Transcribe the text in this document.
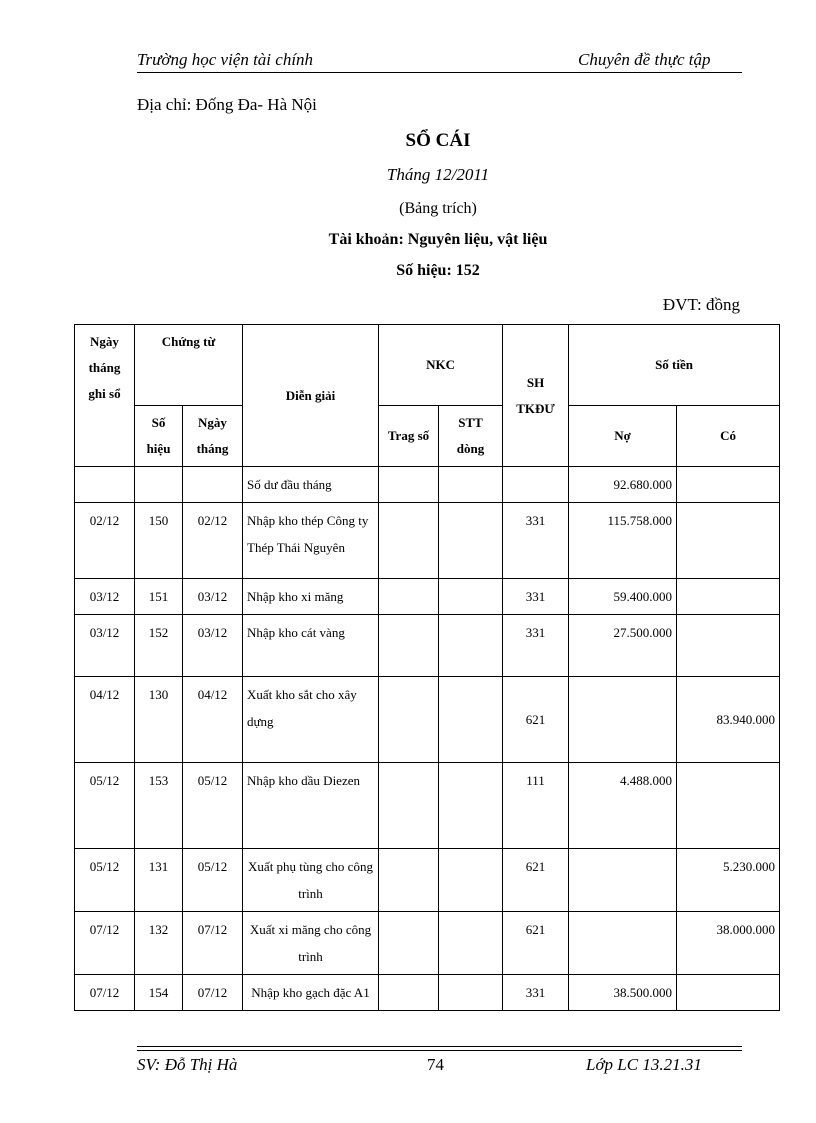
Trường học viện tài chính	Chuyên đề thực tập
Địa chỉ: Đống Đa- Hà Nội
SỔ CÁI
Tháng 12/2011
(Bảng trích)
Tài khoản: Nguyên liệu, vật liệu
Số hiệu: 152
ĐVT: đồng
Ngày tháng ghi sổ	Chứng từ		Diễn giải	NKC		SH TKĐƯ	Số tiền	
	Số hiệu	Ngày tháng		Trag số	STT dòng		Nợ	Có
			Số dư đầu tháng				92.680.000	
02/12	150	02/12	Nhập kho thép Công ty Thép Thái Nguyên			331	115.758.000	
03/12	151	03/12	Nhập kho xi măng			331	59.400.000	
03/12	152	03/12	Nhập kho cát vàng			331	27.500.000	
04/12	130	04/12	Xuất kho sắt cho xây dựng			621		83.940.000
05/12	153	05/12	Nhập kho dầu Diezen			111	4.488.000	
05/12	131	05/12	Xuất phụ tùng cho công trình			621		5.230.000
07/12	132	07/12	Xuất xi măng cho công trình			621		38.000.000
07/12	154	07/12	Nhập kho gạch đặc A1			331	38.500.000	
SV: Đỗ Thị Hà	74	Lớp LC 13.21.31
